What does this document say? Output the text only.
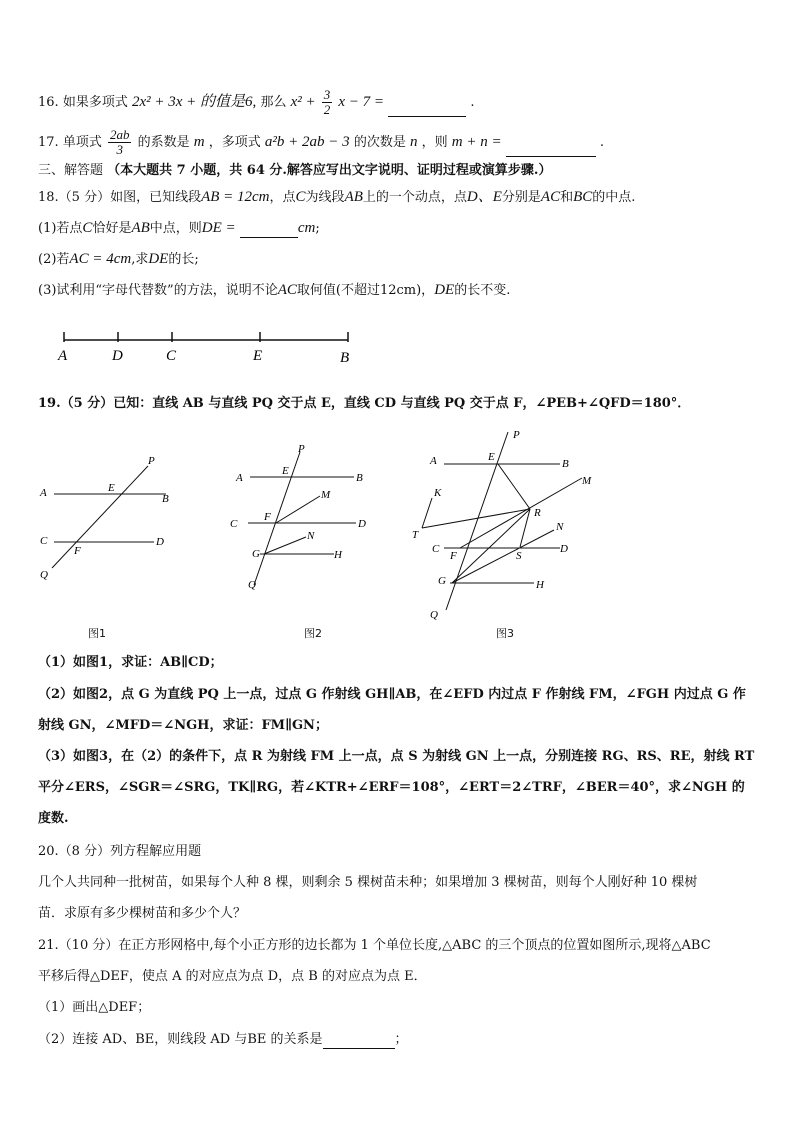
16. 如果多项式 2x² + 3x + 的值是6, 那么 $x^2 + \frac{3}{2}$ x − 7 =	.
17. 单项式 $\frac{2ab}{3}$ 的系数是 m ，多项式 a²b + 2ab − 3 的次数是 n ，则 m + n =	.
三、解答题 （本大题共 7 小题，共 64 分.解答应写出文字说明、证明过程或演算步骤.）
18.（5 分）如图，已知线段AB = 12cm，点C为线段AB上的一个动点，点D、E分别是AC和BC的中点.
(1)若点C恰好是AB中点，则DE =	cm;
(2)若AC = 4cm,求DE的长;
(3)试利用“字母代替数”的方法，说明不论AC取何值(不超过12cm)，DE的长不变.
A	D	C	E	B
19.（5 分）已知：直线 AB 与直线 PQ 交于点 E，直线 CD 与直线 PQ 交于点 F，∠PEB+∠QFD＝180°．
P
A	E
B
C
F
D
Q
图1
P
A
E
B
M
C
F
D
N
G	H
Q
图2
P
A	E
B
M
K
R
T
N
C
F	S
D
G	H
Q
图3
（1）如图1，求证：AB∥CD；
（2）如图2，点 G 为直线 PQ 上一点，过点 G 作射线 GH∥AB，在∠EFD 内过点 F 作射线 FM，∠FGH 内过点 G 作
射线 GN，∠MFD＝∠NGH，求证：FM∥GN；
（3）如图3，在（2）的条件下，点 R 为射线 FM 上一点，点 S 为射线 GN 上一点，分别连接 RG、RS、RE，射线 RT
平分∠ERS，∠SGR＝∠SRG，TK∥RG，若∠KTR+∠ERF＝108°，∠ERT＝2∠TRF，∠BER＝40°，求∠NGH 的
度数.
20.（8 分）列方程解应用题
几个人共同种一批树苗，如果每个人种 8 棵，则剩余 5 棵树苗未种；如果增加 3 棵树苗，则每个人刚好种 10 棵树
苗．求原有多少棵树苗和多少个人？
21.（10 分）在正方形网格中,每个小正方形的边长都为 1 个单位长度,△ABC 的三个顶点的位置如图所示,现将△ABC
平移后得△DEF，使点 A 的对应点为点 D，点 B 的对应点为点 E．
（1）画出△DEF；
（2）连接 AD、BE，则线段 AD 与BE 的关系是	；
